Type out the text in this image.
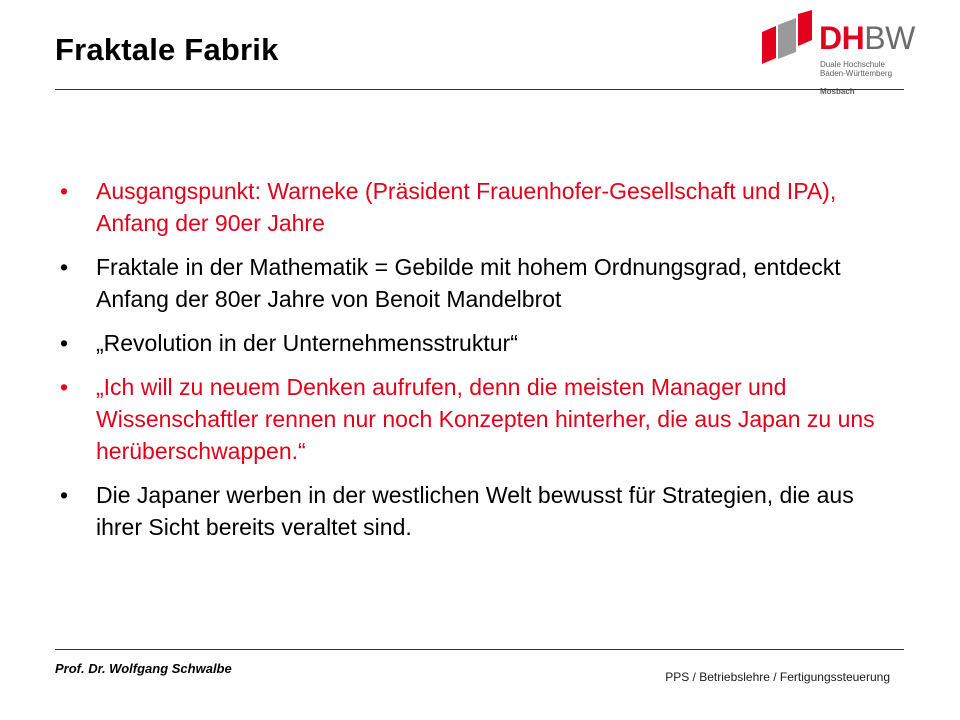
Fraktale Fabrik	DHBW
Duale Hochschule
Baden-Württemberg
Mosbach
• Ausgangspunkt: Warneke (Präsident Frauenhofer-Gesellschaft und IPA), Anfang der 90er Jahre
• Fraktale in der Mathematik = Gebilde mit hohem Ordnungsgrad, entdeckt Anfang der 80er Jahre von Benoit Mandelbrot
• „Revolution in der Unternehmensstruktur“
• „Ich will zu neuem Denken aufrufen, denn die meisten Manager und Wissenschaftler rennen nur noch Konzepten hinterher, die aus Japan zu uns herüberschwappen.“
• Die Japaner werben in der westlichen Welt bewusst für Strategien, die aus ihrer Sicht bereits veraltet sind.
Prof. Dr. Wolfgang Schwalbe
PPS / Betriebslehre / Fertigungssteuerung
